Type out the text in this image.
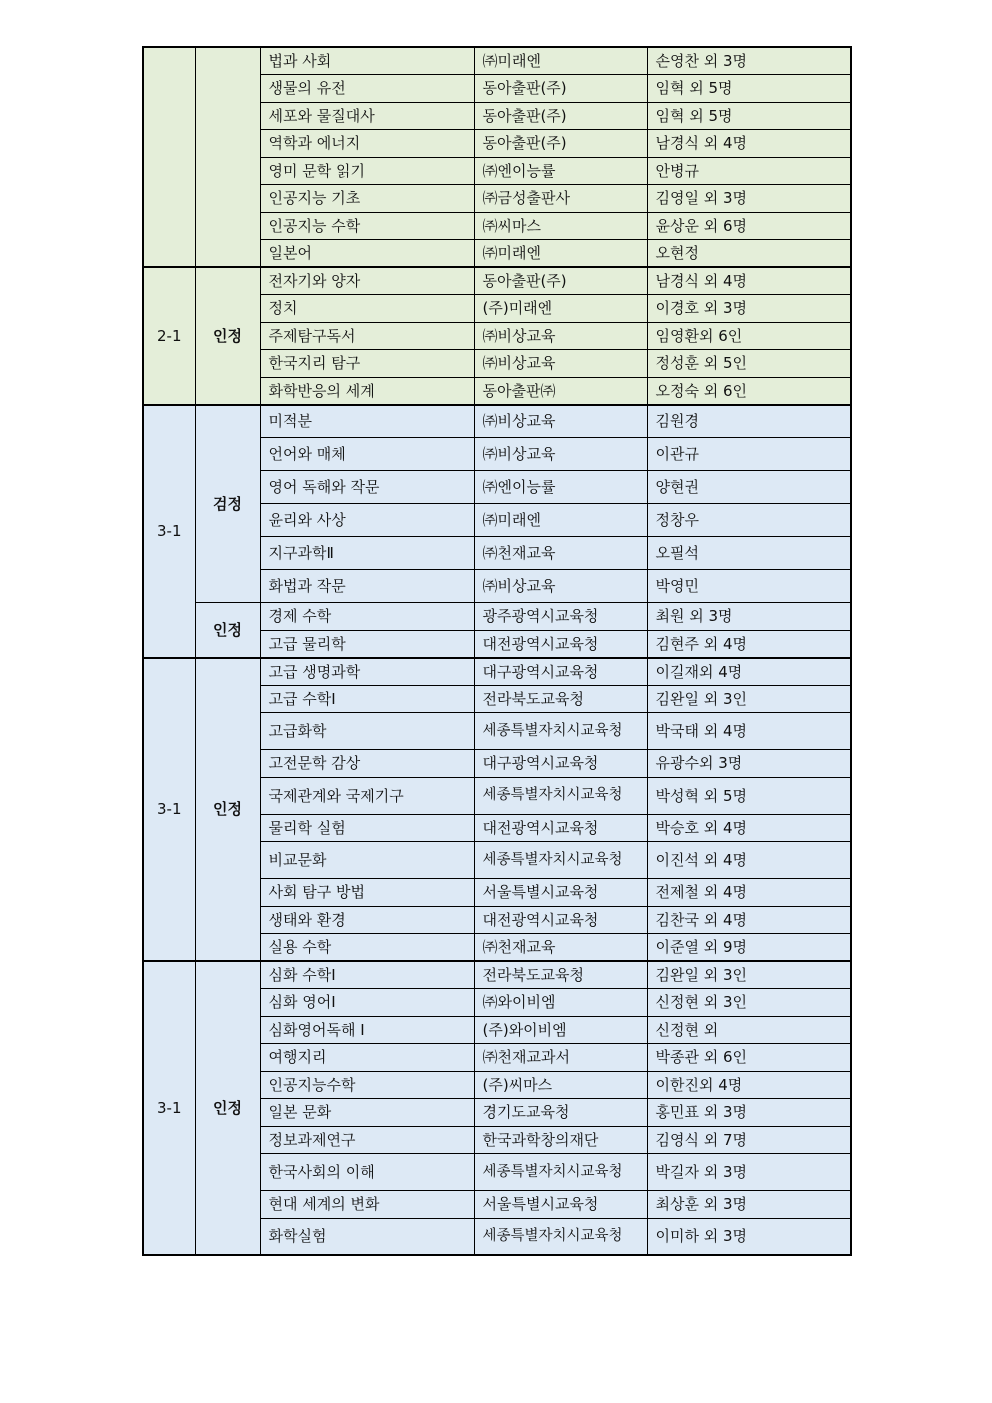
		법과 사회	㈜미래엔	손영찬 외 3명
		생물의 유전	동아출판(주)	임혁 외 5명
		세포와 물질대사	동아출판(주)	임혁 외 5명
		역학과 에너지	동아출판(주)	남경식 외 4명
		영미 문학 읽기	㈜엔이능률	안병규
		인공지능 기초	㈜금성출판사	김영일 외 3명
		인공지능 수학	㈜씨마스	윤상운 외 6명
		일본어	㈜미래엔	오현정
2-1	인정	전자기와 양자	동아출판(주)	남경식 외 4명
		정치	(주)미래엔	이경호 외 3명
		주제탐구독서	㈜비상교육	임영환외 6인
		한국지리 탐구	㈜비상교육	정성훈 외 5인
		화학반응의 세계	동아출판㈜	오정숙 외 6인
3-1	검정	미적분	㈜비상교육	김원경
		언어와 매체	㈜비상교육	이관규
		영어 독해와 작문	㈜엔이능률	양현권
		윤리와 사상	㈜미래엔	정창우
		지구과학Ⅱ	㈜천재교육	오필석
		화법과 작문	㈜비상교육	박영민
	인정	경제 수학	광주광역시교육청	최원 외 3명
		고급 물리학	대전광역시교육청	김현주 외 4명
3-1	인정	고급 생명과학	대구광역시교육청	이길재외 4명
		고급 수학Ⅰ	전라북도교육청	김완일 외 3인
		고급화학	세종특별자치시교육청	박국태 외 4명
		고전문학 감상	대구광역시교육청	유광수외 3명
		국제관계와 국제기구	세종특별자치시교육청	박성혁 외 5명
		물리학 실험	대전광역시교육청	박승호 외 4명
		비교문화	세종특별자치시교육청	이진석 외 4명
		사회 탐구 방법	서울특별시교육청	전제철 외 4명
		생태와 환경	대전광역시교육청	김찬국 외 4명
		실용 수학	㈜천재교육	이준열 외 9명
3-1	인정	심화 수학Ⅰ	전라북도교육청	김완일 외 3인
		심화 영어Ⅰ	㈜와이비엠	신정현 외 3인
		심화영어독해 Ⅰ	(주)와이비엠	신정현 외
		여행지리	㈜천재교과서	박종관 외 6인
		인공지능수학	(주)씨마스	이한진외 4명
		일본 문화	경기도교육청	홍민표 외 3명
		정보과제연구	한국과학창의재단	김영식 외 7명
		한국사회의 이해	세종특별자치시교육청	박길자 외 3명
		현대 세계의 변화	서울특별시교육청	최상훈 외 3명
		화학실험	세종특별자치시교육청	이미하 외 3명
